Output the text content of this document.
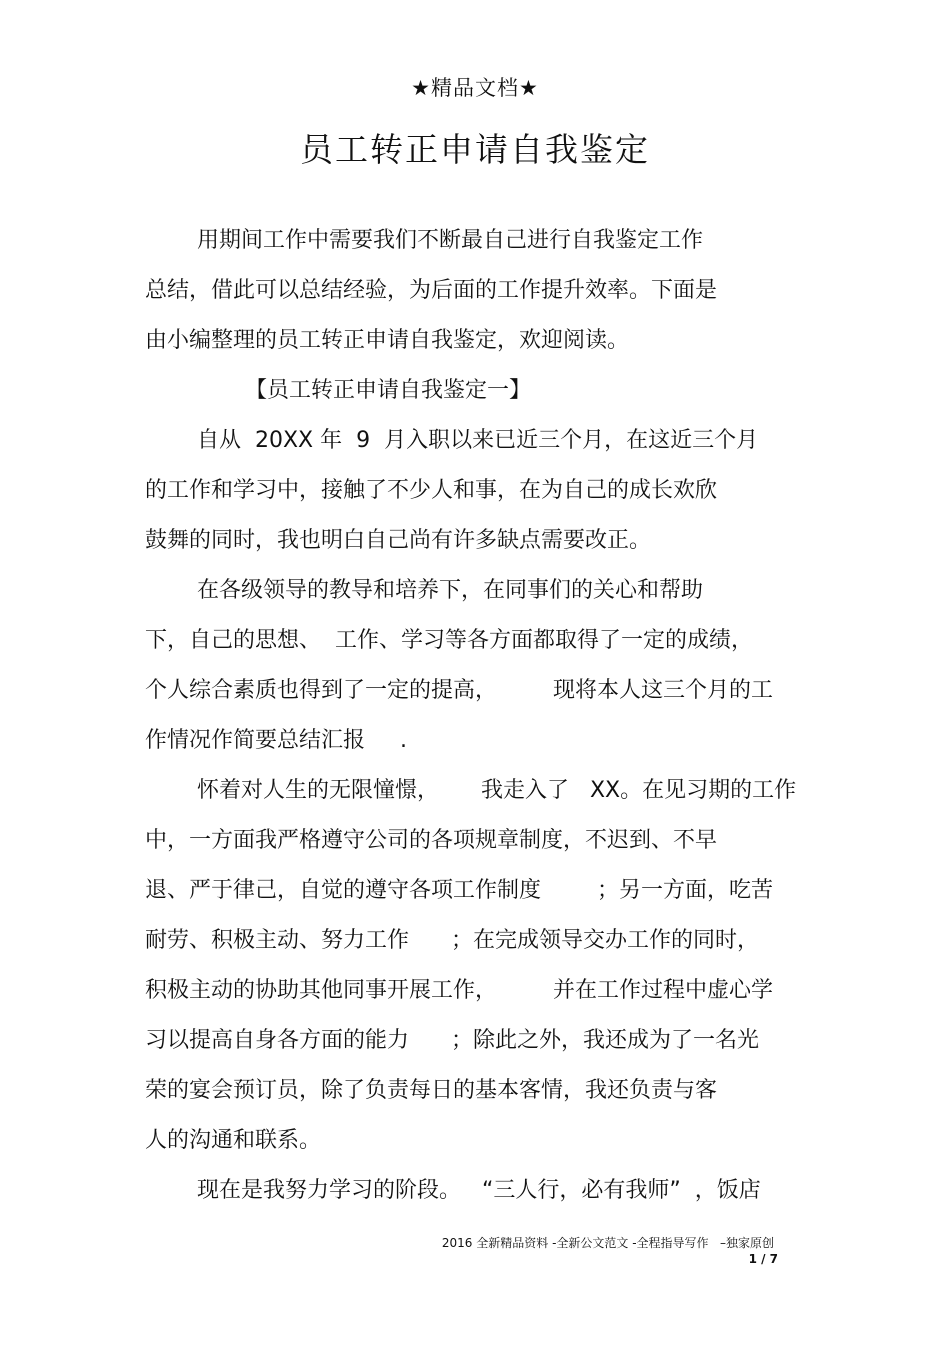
★精品文档★
员工转正申请自我鉴定
用期间工作中需要我们不断最自己进行自我鉴定工作
总结，借此可以总结经验，为后面的工作提升效率。下面是
由小编整理的员工转正申请自我鉴定，欢迎阅读。
【员工转正申请自我鉴定一】
自从  20XX 年  9  月入职以来已近三个月，在这近三个月
的工作和学习中，接触了不少人和事，在为自己的成长欢欣
鼓舞的同时，我也明白自己尚有许多缺点需要改正。
在各级领导的教导和培养下，在同事们的关心和帮助
下，自己的思想、  工作、学习等各方面都取得了一定的成绩，
个人综合素质也得到了一定的提高，        现将本人这三个月的工
作情况作简要总结汇报     .
怀着对人生的无限憧憬，      我走入了   XX。在见习期的工作
中，一方面我严格遵守公司的各项规章制度，不迟到、不早
退、严于律己，自觉的遵守各项工作制度        ；另一方面，吃苦
耐劳、积极主动、努力工作      ；在完成领导交办工作的同时，
积极主动的协助其他同事开展工作，        并在工作过程中虚心学
习以提高自身各方面的能力      ；除此之外，我还成为了一名光
荣的宴会预订员，除了负责每日的基本客情，我还负责与客
人的沟通和联系。
现在是我努力学习的阶段。   “三人行，必有我师”  ，饭店
2016 全新精品资料 -全新公文范文 -全程指导写作   –独家原创
1 / 7
